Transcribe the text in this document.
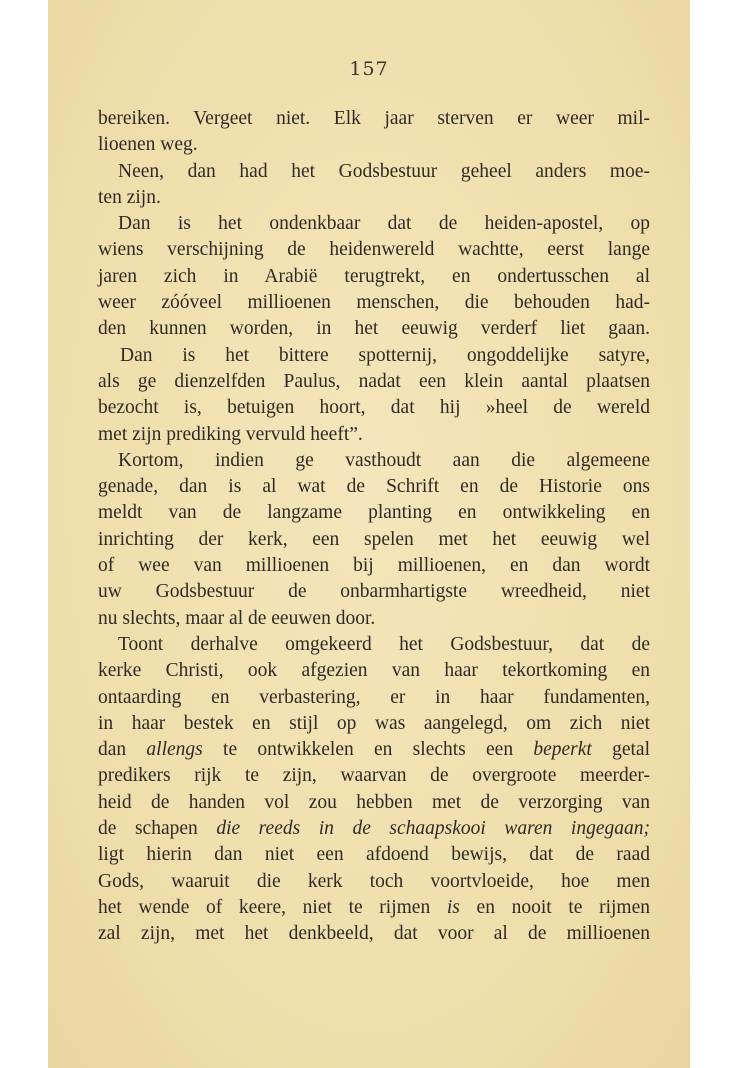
157
bereiken. Vergeet niet. Elk jaar sterven er weer mil-
lioenen weg.
Neen, dan had het Godsbestuur geheel anders moe-
ten zijn.
Dan is het ondenkbaar dat de heiden-apostel, op
wiens verschijning de heidenwereld wachtte, eerst lange
jaren zich in Arabië terugtrekt, en ondertusschen al
weer zóóveel millioenen menschen, die behouden had-
den kunnen worden, in het eeuwig verderf liet gaan.
Dan is het bittere spotternij, ongoddelijke satyre,
als ge dienzelfden Paulus, nadat een klein aantal plaatsen
bezocht is, betuigen hoort, dat hij »heel de wereld
met zijn prediking vervuld heeft”.
Kortom, indien ge vasthoudt aan die algemeene
genade, dan is al wat de Schrift en de Historie ons
meldt van de langzame planting en ontwikkeling en
inrichting der kerk, een spelen met het eeuwig wel
of wee van millioenen bij millioenen, en dan wordt
uw Godsbestuur de onbarmhartigste wreedheid, niet
nu slechts, maar al de eeuwen door.
Toont derhalve omgekeerd het Godsbestuur, dat de
kerke Christi, ook afgezien van haar tekortkoming en
ontaarding en verbastering, er in haar fundamenten,
in haar bestek en stijl op was aangelegd, om zich niet
dan allengs te ontwikkelen en slechts een beperkt getal
predikers rijk te zijn, waarvan de overgroote meerder-
heid de handen vol zou hebben met de verzorging van
de schapen die reeds in de schaapskooi waren ingegaan;
ligt hierin dan niet een afdoend bewijs, dat de raad
Gods, waaruit die kerk toch voortvloeide, hoe men
het wende of keere, niet te rijmen is en nooit te rijmen
zal zijn, met het denkbeeld, dat voor al de millioenen
